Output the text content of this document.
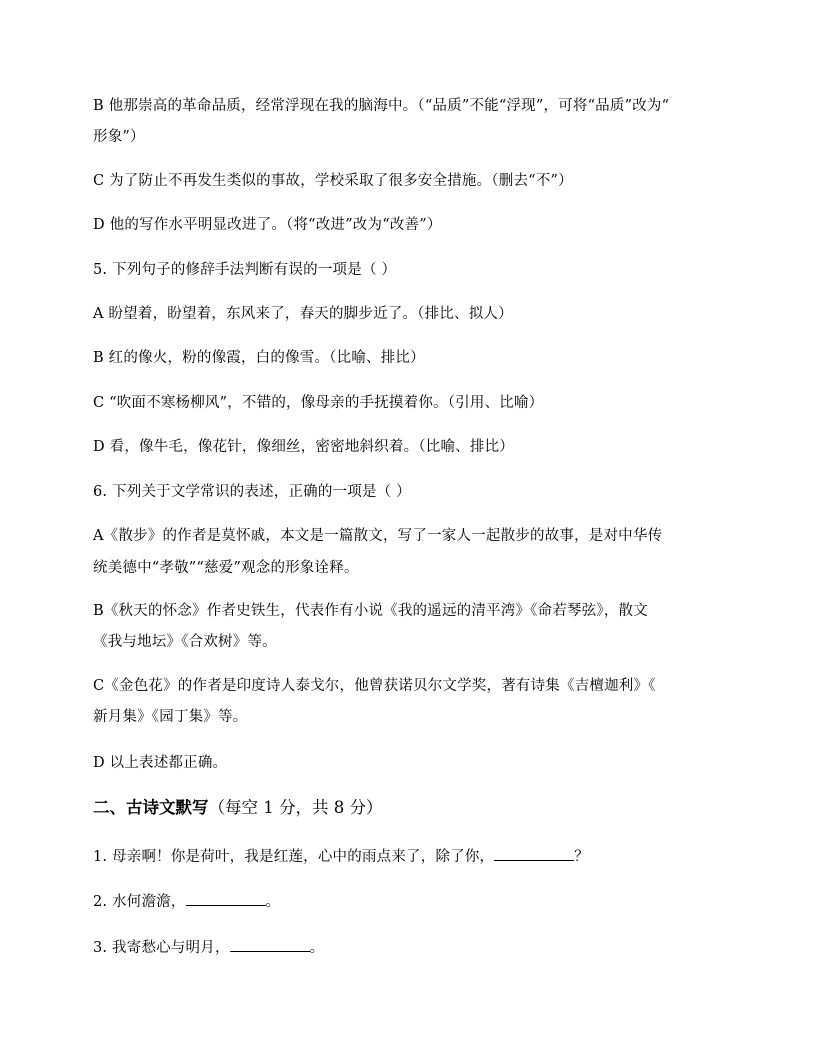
B 他那崇高的革命品质，经常浮现在我的脑海中。（“品质”不能“浮现”，可将“品质”改为“
形象”）
C 为了防止不再发生类似的事故，学校采取了很多安全措施。（删去“不”）
D 他的写作水平明显改进了。（将“改进”改为“改善”）
5. 下列句子的修辞手法判断有误的一项是（ ）
A 盼望着，盼望着，东风来了，春天的脚步近了。（排比、拟人）
B 红的像火，粉的像霞，白的像雪。（比喻、排比）
C “吹面不寒杨柳风”，不错的，像母亲的手抚摸着你。（引用、比喻）
D 看，像牛毛，像花针，像细丝，密密地斜织着。（比喻、排比）
6. 下列关于文学常识的表述，正确的一项是（ ）
A《散步》的作者是莫怀戚，本文是一篇散文，写了一家人一起散步的故事，是对中华传
统美德中“孝敬”“慈爱”观念的形象诠释。
B《秋天的怀念》作者史铁生，代表作有小说《我的遥远的清平湾》《命若琴弦》，散文
《我与地坛》《合欢树》等。
C《金色花》的作者是印度诗人泰戈尔，他曾获诺贝尔文学奖，著有诗集《吉檀迦利》《
新月集》《园丁集》等。
D 以上表述都正确。
二、古诗文默写（每空 1 分，共 8 分）
1. 母亲啊！你是荷叶，我是红莲，心中的雨点来了，除了你，	？
2. 水何澹澹，	。
3. 我寄愁心与明月，	。
